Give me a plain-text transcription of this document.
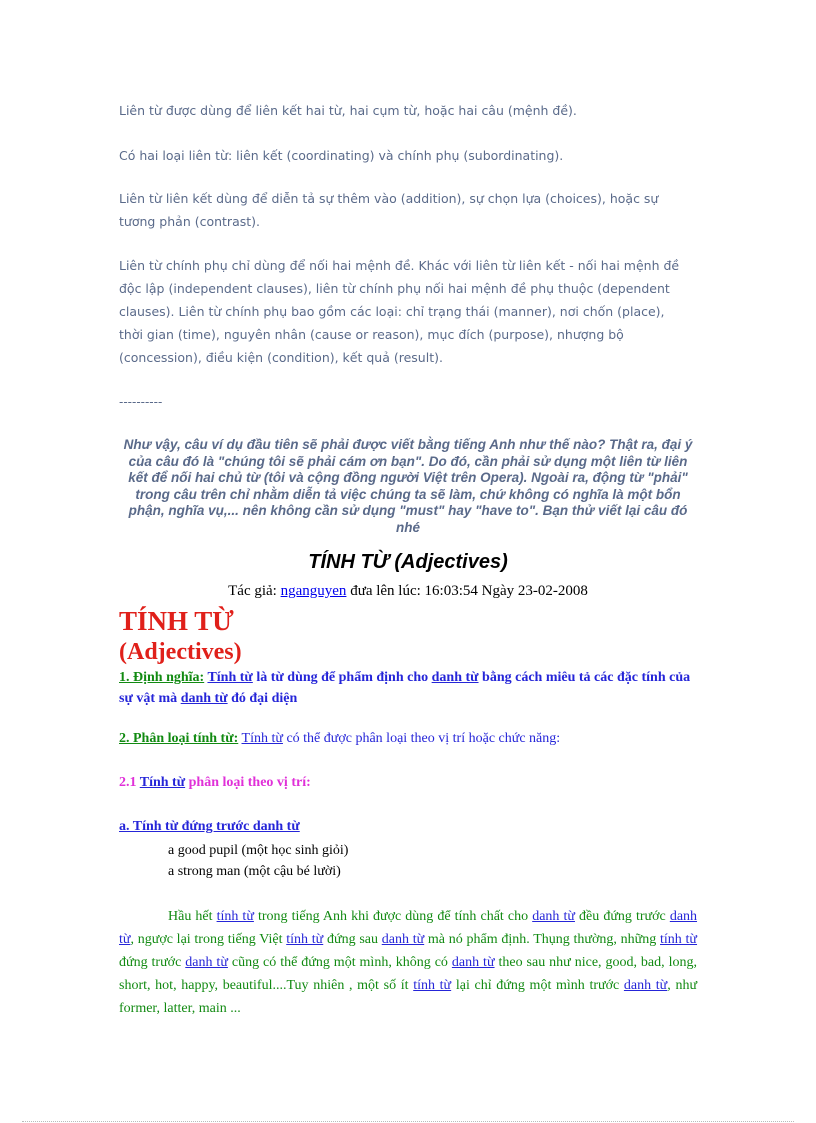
Liên từ được dùng để liên kết hai từ, hai cụm từ, hoặc hai câu (mệnh đề).

Có hai loại liên từ: liên kết (coordinating) và chính phụ (subordinating).

Liên từ liên kết dùng để diễn tả sự thêm vào (addition), sự chọn lựa (choices), hoặc sự tương phản (contrast).

Liên từ chính phụ chỉ dùng để nối hai mệnh đề. Khác với liên từ liên kết - nối hai mệnh đề độc lập (independent clauses), liên từ chính phụ nối hai mệnh đề phụ thuộc (dependent clauses). Liên từ chính phụ bao gồm các loại: chỉ trạng thái (manner), nơi chốn (place), thời gian (time), nguyên nhân (cause or reason), mục đích (purpose), nhượng bộ (concession), điều kiện (condition), kết quả (result).

----------

Như vậy, câu ví dụ đầu tiên sẽ phải được viết bằng tiếng Anh như thế nào? Thật ra, đại ý của câu đó là "chúng tôi sẽ phải cám ơn bạn". Do đó, cần phải sử dụng một liên từ liên kết để nối hai chủ từ (tôi và cộng đồng người Việt trên Opera). Ngoài ra, động từ "phải" trong câu trên chỉ nhằm diễn tả việc chúng ta sẽ làm, chứ không có nghĩa là một bổn phận, nghĩa vụ,... nên không cần sử dụng "must" hay "have to". Bạn thử viết lại câu đó nhé

TÍNH TỪ (Adjectives)
Tác giả: nganguyen đưa lên lúc: 16:03:54 Ngày 23-02-2008
TÍNH TỪ
(Adjectives)

1. Định nghĩa: Tính từ là từ dùng để phẩm định cho danh từ bằng cách miêu tả các đặc tính của sự vật mà danh từ đó đại diện

2. Phân loại tính từ: Tính từ có thể được phân loại theo vị trí hoặc chức năng:

2.1 Tính từ phân loại theo vị trí:

a. Tính từ đứng trước danh từ

a good pupil (một học sinh giỏi)

a strong man (một cậu bé lười)

Hầu hết tính từ trong tiếng Anh khi được dùng để tính chất cho danh từ đều đứng trước danh từ, ngược lại trong tiếng Việt tính từ đứng sau danh từ mà nó phẩm định. Thụng thường, những tính từ đứng trước danh từ cũng có thể đứng một mình, không có danh từ theo sau như nice, good, bad, long, short, hot, happy, beautiful....Tuy nhiên , một số ít tính từ lại chỉ đứng một mình trước danh từ, như former, latter, main ...
